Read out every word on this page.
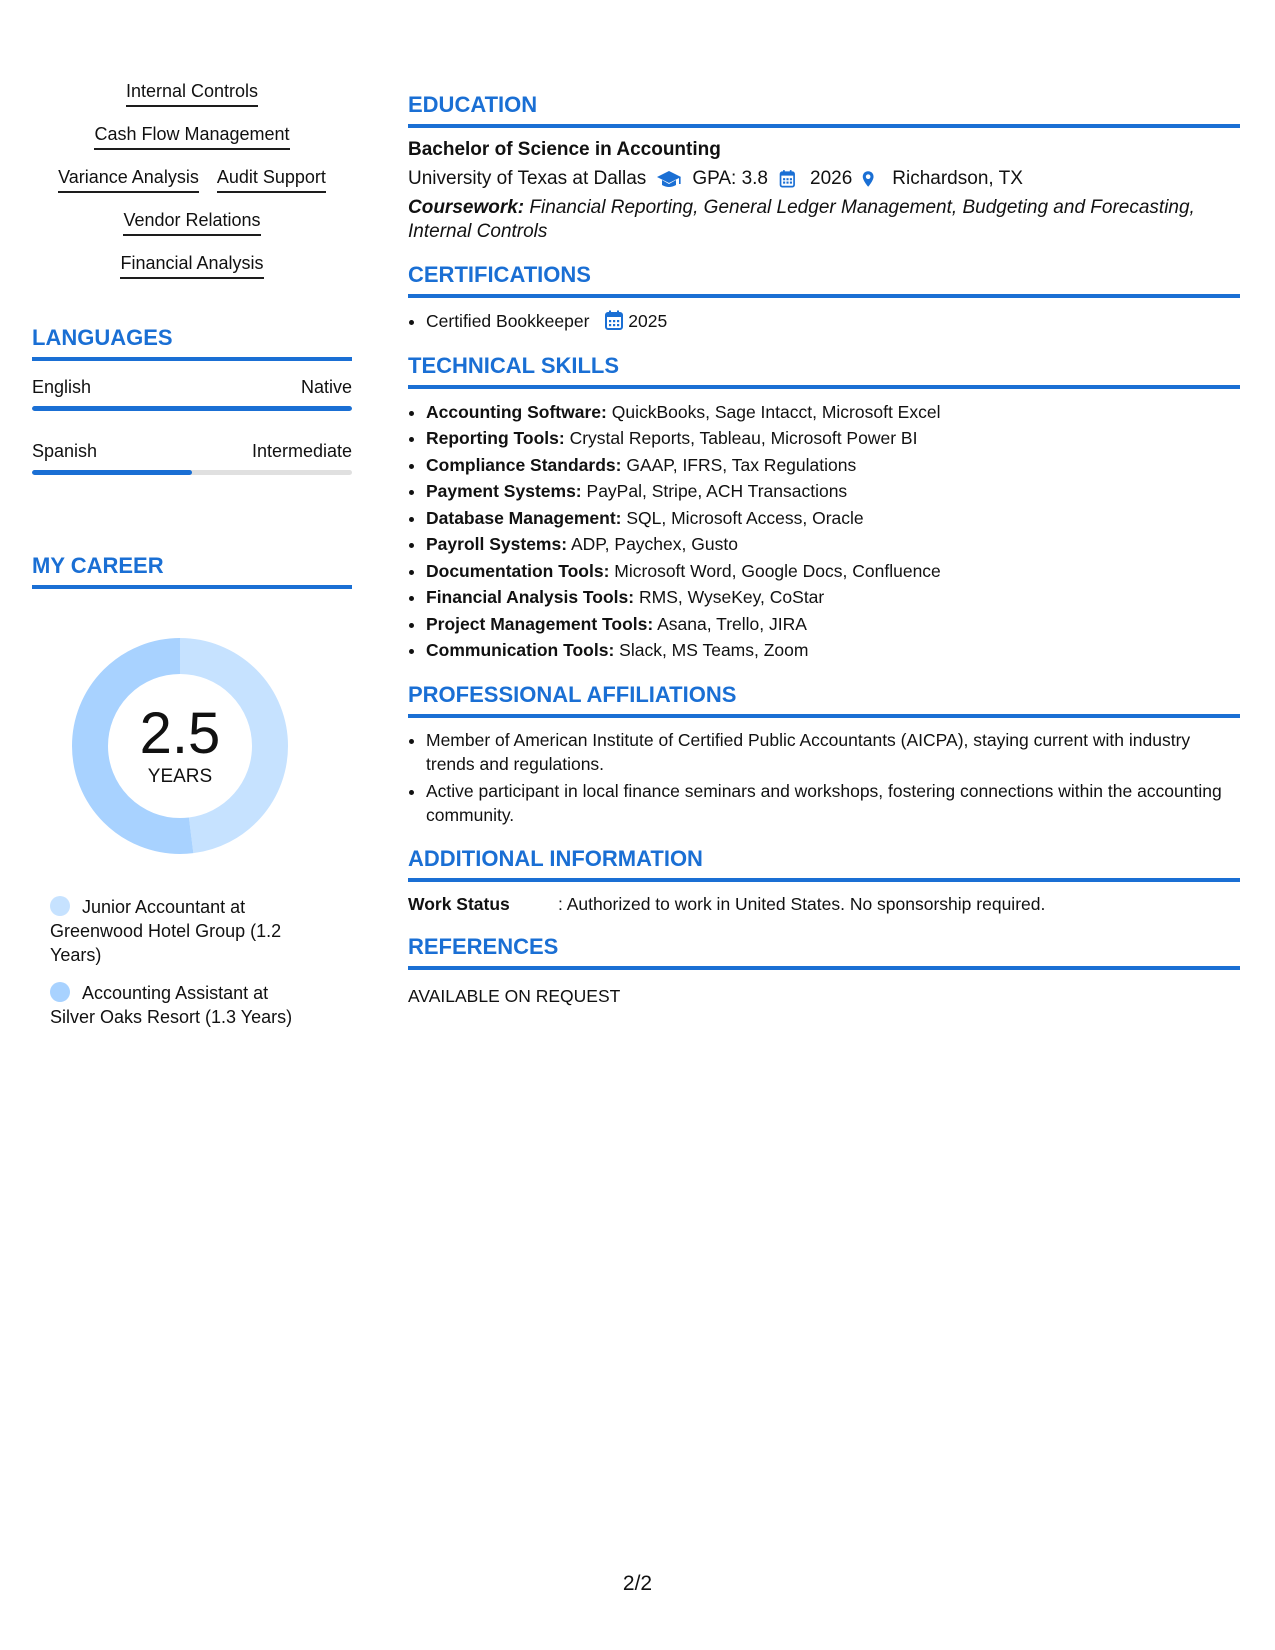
Internal Controls
Cash Flow Management
Variance Analysis Audit Support
Vendor Relations
Financial Analysis
LANGUAGES
English	Native
Spanish	Intermediate
MY CAREER
2.5
YEARS
Junior Accountant at Greenwood Hotel Group (1.2 Years)
Accounting Assistant at Silver Oaks Resort (1.3 Years)
EDUCATION
Bachelor of Science in Accounting
University of Texas at Dallas GPA: 3.8 2026 Richardson, TX
Coursework: Financial Reporting, General Ledger Management, Budgeting and Forecasting, Internal Controls
CERTIFICATIONS
• Certified Bookkeeper 2025
TECHNICAL SKILLS
• Accounting Software: QuickBooks, Sage Intacct, Microsoft Excel
• Reporting Tools: Crystal Reports, Tableau, Microsoft Power BI
• Compliance Standards: GAAP, IFRS, Tax Regulations
• Payment Systems: PayPal, Stripe, ACH Transactions
• Database Management: SQL, Microsoft Access, Oracle
• Payroll Systems: ADP, Paychex, Gusto
• Documentation Tools: Microsoft Word, Google Docs, Confluence
• Financial Analysis Tools: RMS, WyseKey, CoStar
• Project Management Tools: Asana, Trello, JIRA
• Communication Tools: Slack, MS Teams, Zoom
PROFESSIONAL AFFILIATIONS
• Member of American Institute of Certified Public Accountants (AICPA), staying current with industry trends and regulations.
• Active participant in local finance seminars and workshops, fostering connections within the accounting community.
ADDITIONAL INFORMATION
Work Status	: Authorized to work in United States. No sponsorship required.
REFERENCES
AVAILABLE ON REQUEST
2/2
